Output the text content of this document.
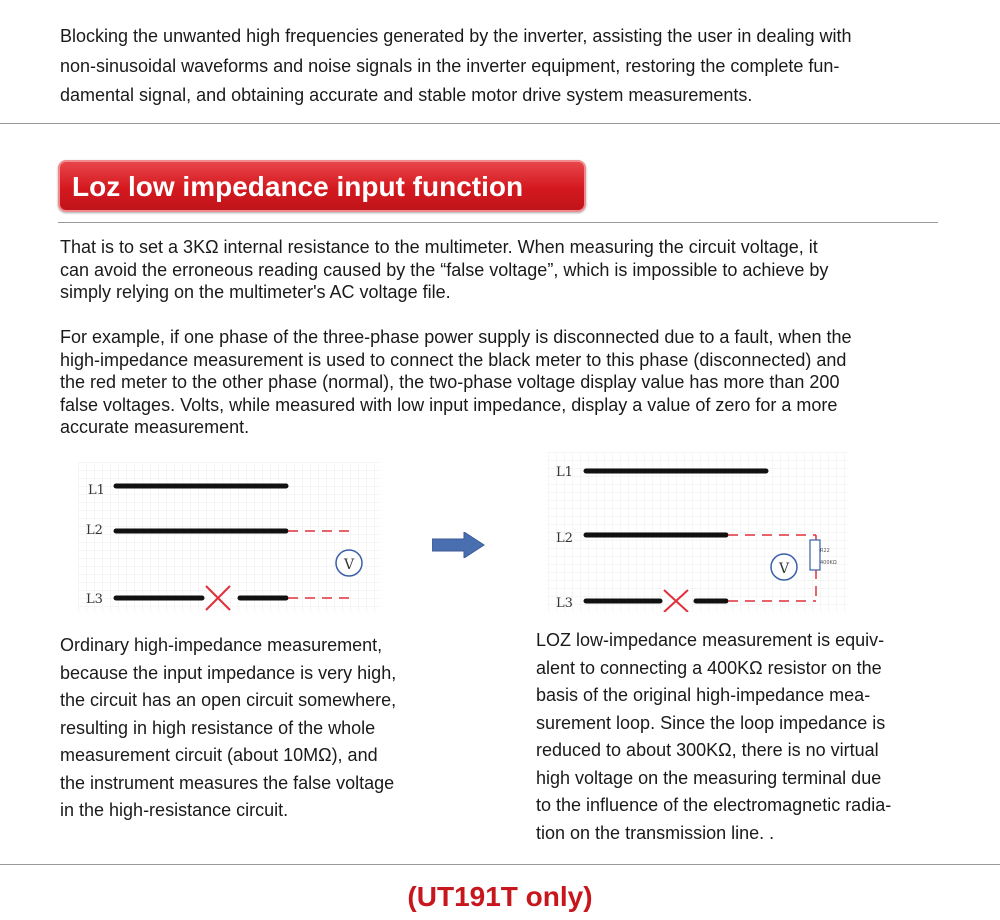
Blocking the unwanted high frequencies generated by the inverter, assisting the user in dealing with
non-sinusoidal waveforms and noise signals in the inverter equipment, restoring the complete fun-
damental signal, and obtaining accurate and stable motor drive system measurements.

Loz low impedance input function

That is to set a 3KΩ internal resistance to the multimeter. When measuring the circuit voltage, it
can avoid the erroneous reading caused by the “false voltage”, which is impossible to achieve by
simply relying on the multimeter's AC voltage file.

For example, if one phase of the three-phase power supply is disconnected due to a fault, when the
high-impedance measurement is used to connect the black meter to this phase (disconnected) and
the red meter to the other phase (normal), the two-phase voltage display value has more than 200
false voltages. Volts, while measured with low input impedance, display a value of zero for a more
accurate measurement.

L1
L2
L3
V
L1
L2
L3
R22
400KΩ
V

Ordinary high-impedance measurement,
because the input impedance is very high,
the circuit has an open circuit somewhere,
resulting in high resistance of the whole
measurement circuit (about 10MΩ), and
the instrument measures the false voltage
in the high-resistance circuit.

LOZ low-impedance measurement is equiv-
alent to connecting a 400KΩ resistor on the
basis of the original high-impedance mea-
surement loop. Since the loop impedance is
reduced to about 300KΩ, there is no virtual
high voltage on the measuring terminal due
to the influence of the electromagnetic radia-
tion on the transmission line. .

(UT191T only)
